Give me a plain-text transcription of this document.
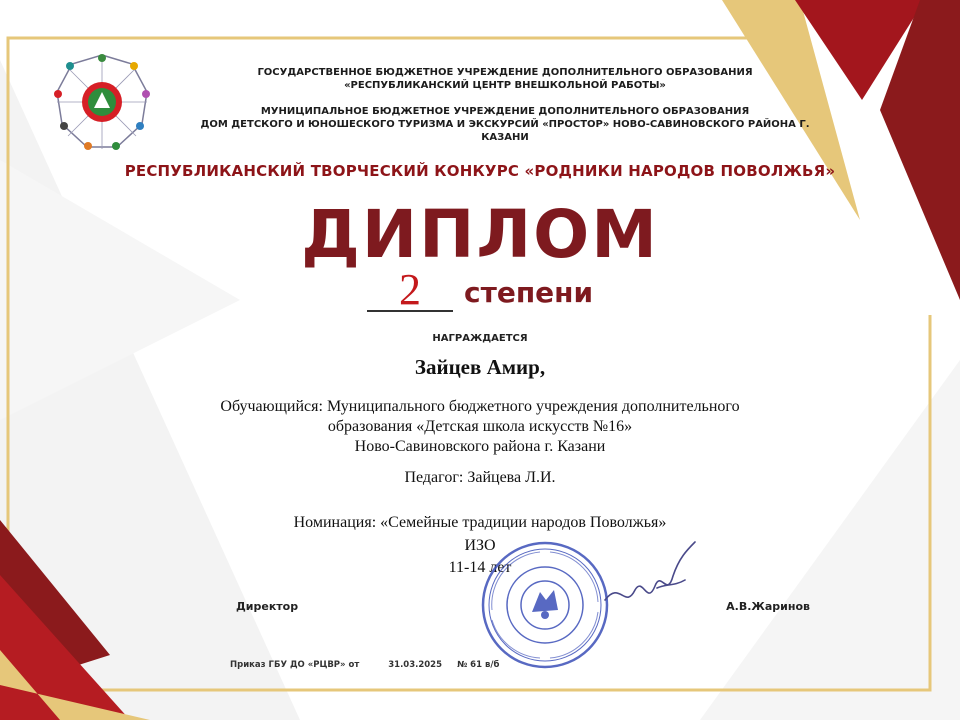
ГОСУДАРСТВЕННОЕ БЮДЖЕТНОЕ УЧРЕЖДЕНИЕ ДОПОЛНИТЕЛЬНОГО ОБРАЗОВАНИЯ
«РЕСПУБЛИКАНСКИЙ ЦЕНТР ВНЕШКОЛЬНОЙ РАБОТЫ»
МУНИЦИПАЛЬНОЕ БЮДЖЕТНОЕ УЧРЕЖДЕНИЕ ДОПОЛНИТЕЛЬНОГО ОБРАЗОВАНИЯ
ДОМ ДЕТСКОГО И ЮНОШЕСКОГО ТУРИЗМА И ЭКСКУРСИЙ «ПРОСТОР» НОВО-САВИНОВСКОГО РАЙОНА Г. КАЗАНИ
РЕСПУБЛИКАНСКИЙ ТВОРЧЕСКИЙ КОНКУРС «РОДНИКИ НАРОДОВ ПОВОЛЖЬЯ»
ДИПЛОМ
2	степени
НАГРАЖДАЕТСЯ
Зайцев Амир,
Обучающийся: Муниципального бюджетного учреждения дополнительного
образования «Детская школа искусств №16»
Ново-Савиновского района г. Казани
Педагог: Зайцева Л.И.
Номинация: «Семейные традиции народов Поволжья»
ИЗО
11-14 лет
Директор	А.В.Жаринов
Приказ ГБУ ДО «РЦВР» от	31.03.2025 № 61 в/б
